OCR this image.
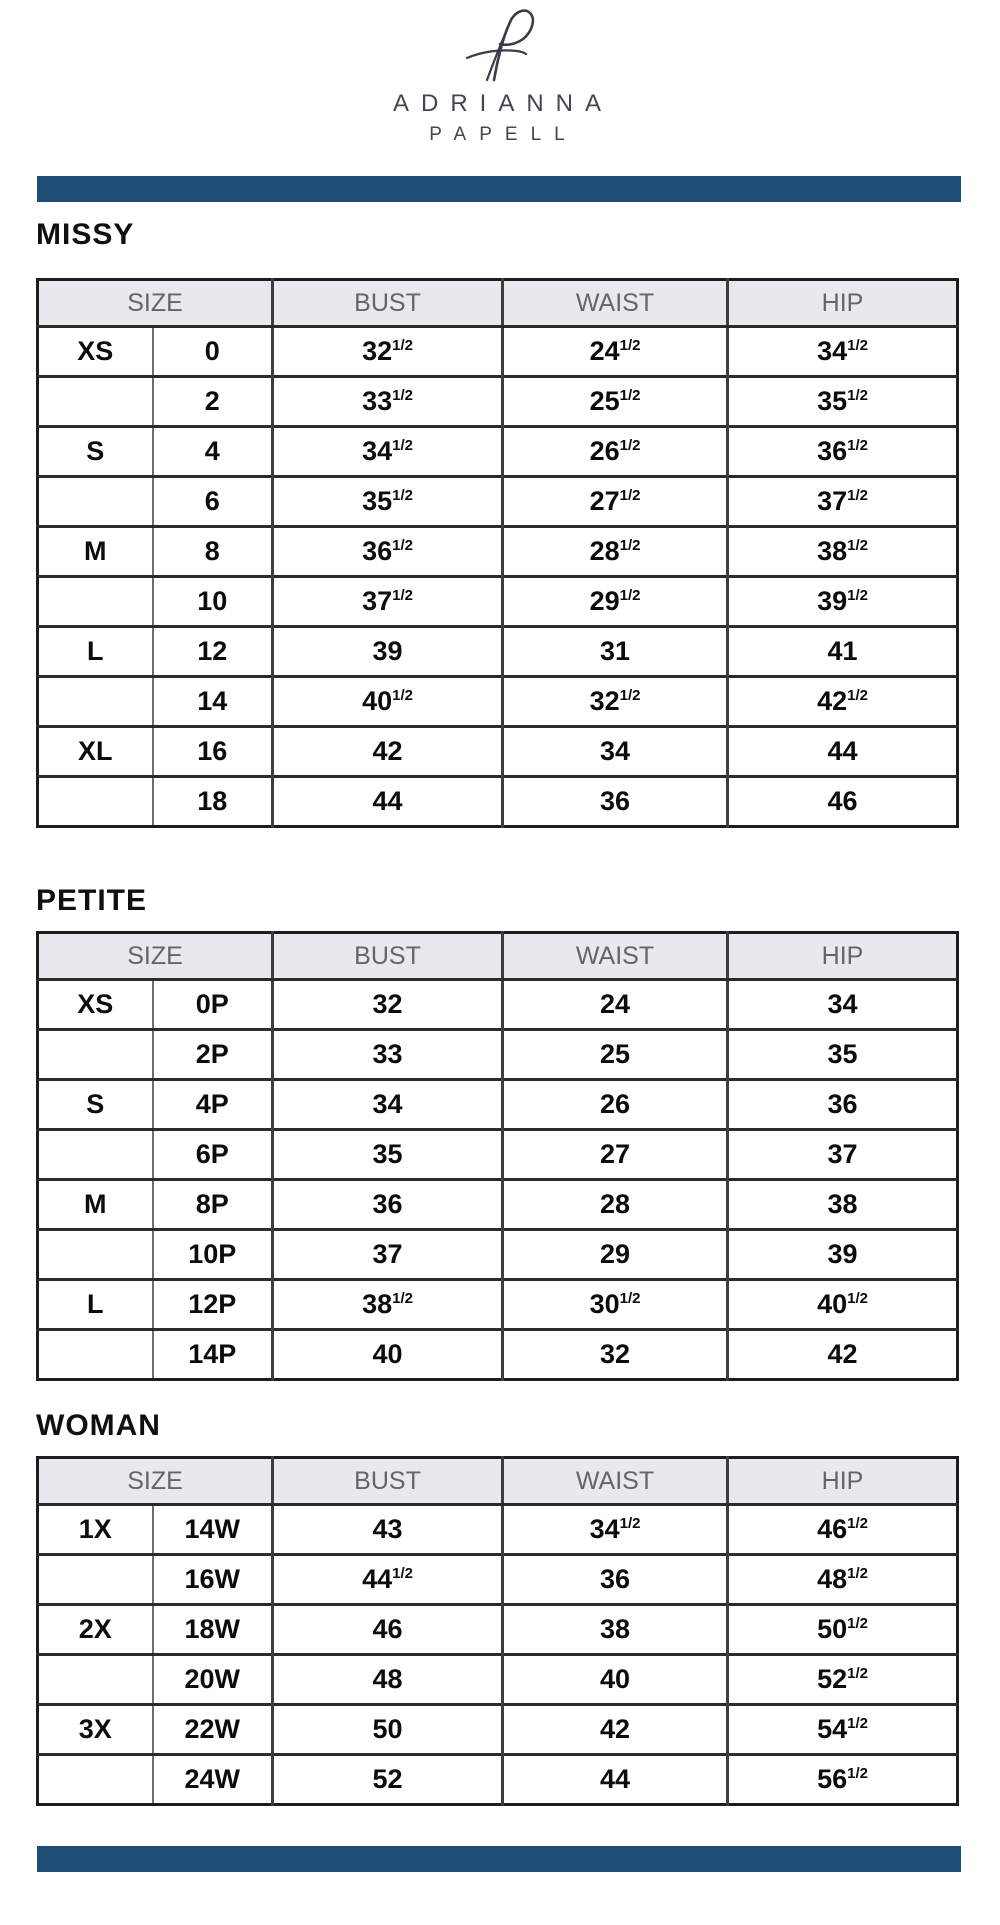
ADRIANNA
PAPELL
MISSY
SIZE		BUST	WAIST	HIP
XS	0	$32^{1/2}$	$24^{1/2}$	$34^{1/2}$
	2	$33^{1/2}$	$25^{1/2}$	$35^{1/2}$
S	4	$34^{1/2}$	$26^{1/2}$	$36^{1/2}$
	6	$35^{1/2}$	$27^{1/2}$	$37^{1/2}$
M	8	$36^{1/2}$	$28^{1/2}$	$38^{1/2}$
	10	$37^{1/2}$	$29^{1/2}$	$39^{1/2}$
L	12	39	31	41
	14	$40^{1/2}$	$32^{1/2}$	$42^{1/2}$
XL	16	42	34	44
	18	44	36	46
PETITE
SIZE		BUST	WAIST	HIP
XS	0P	32	24	34
	2P	33	25	35
S	4P	34	26	36
	6P	35	27	37
M	8P	36	28	38
	10P	37	29	39
L	12P	$38^{1/2}$	$30^{1/2}$	$40^{1/2}$
	14P	40	32	42
WOMAN
SIZE		BUST	WAIST	HIP
1X	14W	43	$34^{1/2}$	$46^{1/2}$
	16W	$44^{1/2}$	36	$48^{1/2}$
2X	18W	46	38	$50^{1/2}$
	20W	48	40	$52^{1/2}$
3X	22W	50	42	$54^{1/2}$
	24W	52	44	$56^{1/2}$
